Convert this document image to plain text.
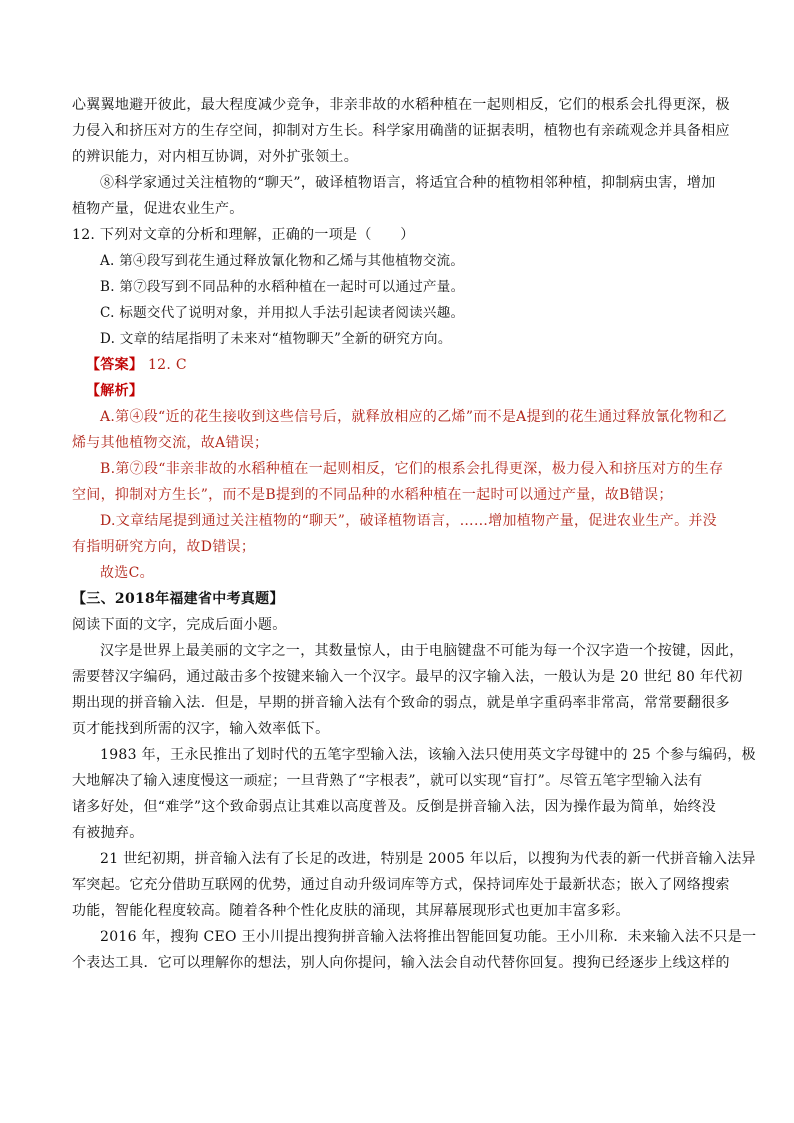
心翼翼地避开彼此，最大程度减少竞争，非亲非故的水稻种植在一起则相反，它们的根系会扎得更深，极
力侵入和挤压对方的生存空间，抑制对方生长。科学家用确凿的证据表明，植物也有亲疏观念并具备相应
的辨识能力，对内相互协调，对外扩张领土。
⑧科学家通过关注植物的“聊天”，破译植物语言，将适宜合种的植物相邻种植，抑制病虫害，增加
植物产量，促进农业生产。
12. 下列对文章的分析和理解，正确的一项是（　　）
A. 第④段写到花生通过释放氰化物和乙烯与其他植物交流。
B. 第⑦段写到不同品种的水稻种植在一起时可以通过产量。
C. 标题交代了说明对象，并用拟人手法引起读者阅读兴趣。
D. 文章的结尾指明了未来对“植物聊天”全新的研究方向。
【答案】 12. C
【解析】
A.第④段“近的花生接收到这些信号后，就释放相应的乙烯”而不是A提到的花生通过释放氰化物和乙
烯与其他植物交流，故A错误；
B.第⑦段“非亲非故的水稻种植在一起则相反，它们的根系会扎得更深，极力侵入和挤压对方的生存
空间，抑制对方生长”，而不是B提到的不同品种的水稻种植在一起时可以通过产量，故B错误；
D.文章结尾提到通过关注植物的“聊天”，破译植物语言，……增加植物产量，促进农业生产。并没
有指明研究方向，故D错误；
故选C。
【三、2018年福建省中考真题】
阅读下面的文字，完成后面小题。
汉字是世界上最美丽的文字之一，其数量惊人，由于电脑键盘不可能为每一个汉字造一个按键，因此，
需要替汉字编码，通过敲击多个按键来输入一个汉字。最早的汉字输入法，一般认为是 20 世纪 80 年代初
期出现的拼音输入法．但是，早期的拼音输入法有个致命的弱点，就是单字重码率非常高，常常要翻很多
页才能找到所需的汉字，输入效率低下。
1983 年，王永民推出了划时代的五笔字型输入法，该输入法只使用英文字母键中的 25 个参与编码，极
大地解决了输入速度慢这一顽症；一旦背熟了“字根表”，就可以实现“盲打”。尽管五笔字型输入法有
诸多好处，但“难学”这个致命弱点让其难以高度普及。反倒是拼音输入法，因为操作最为简单，始终没
有被抛弃。
21 世纪初期，拼音输入法有了长足的改进，特别是 2005 年以后，以搜狗为代表的新一代拼音输入法异
军突起。它充分借助互联网的优势，通过自动升级词库等方式，保持词库处于最新状态；嵌入了网络搜索
功能，智能化程度较高。随着各种个性化皮肤的涌现，其屏幕展现形式也更加丰富多彩。
2016 年，搜狗 CEO 王小川提出搜狗拼音输入法将推出智能回复功能。王小川称．未来输入法不只是一
个表达工具．它可以理解你的想法，别人向你提问，输入法会自动代替你回复。搜狗已经逐步上线这样的
